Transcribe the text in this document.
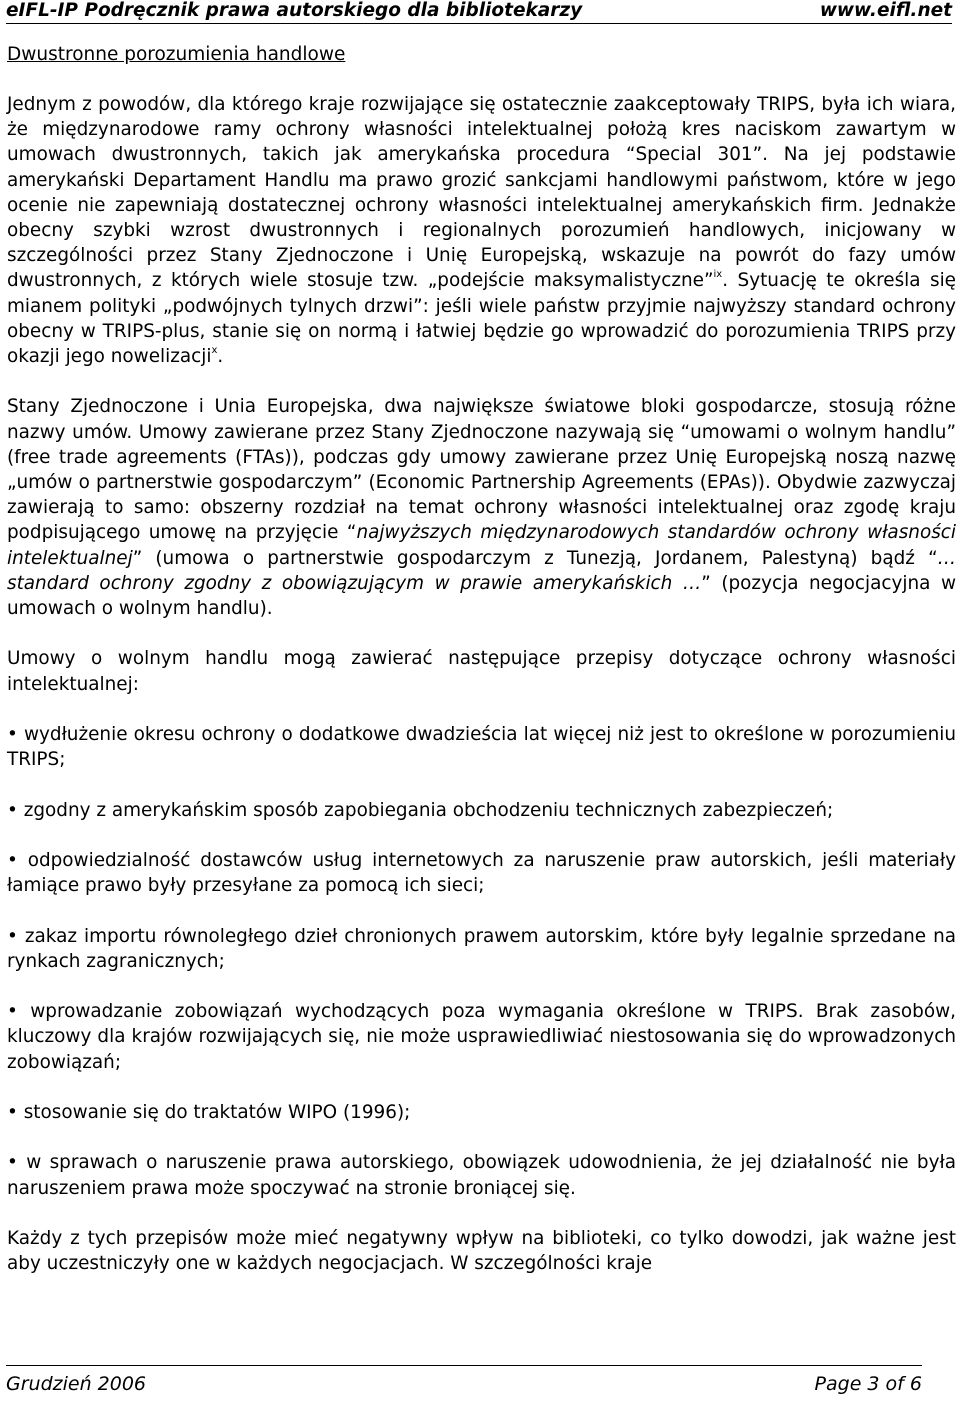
eIFL-IP Podręcznik prawa autorskiego dla bibliotekarzy	www.eifl.net
Dwustronne porozumienia handlowe

Jednym z powodów, dla którego kraje rozwijające się ostatecznie zaakceptowały TRIPS, była ich wiara, że międzynarodowe ramy ochrony własności intelektualnej położą kres naciskom zawartym w umowach dwustronnych, takich jak amerykańska procedura “Special 301”. Na jej podstawie amerykański Departament Handlu ma prawo grozić sankcjami handlowymi państwom, które w jego ocenie nie zapewniają dostatecznej ochrony własności intelektualnej amerykańskich firm. Jednakże obecny szybki wzrost dwustronnych i regionalnych porozumień handlowych, inicjowany w szczególności przez Stany Zjednoczone i Unię Europejską, wskazuje na powrót do fazy umów dwustronnych, z których wiele stosuje tzw. „podejście maksymalistyczne”$^{ix}$. Sytuację te określa się mianem polityki „podwójnych tylnych drzwi”: jeśli wiele państw przyjmie najwyższy standard ochrony obecny w TRIPS-plus, stanie się on normą i łatwiej będzie go wprowadzić do porozumienia TRIPS przy okazji jego nowelizacji$^x$.

Stany Zjednoczone i Unia Europejska, dwa największe światowe bloki gospodarcze, stosują różne nazwy umów. Umowy zawierane przez Stany Zjednoczone nazywają się “umowami o wolnym handlu” (free trade agreements (FTAs)), podczas gdy umowy zawierane przez Unię Europejską noszą nazwę „umów o partnerstwie gospodarczym” (Economic Partnership Agreements (EPAs)). Obydwie zazwyczaj zawierają to samo: obszerny rozdział na temat ochrony własności intelektualnej oraz zgodę kraju podpisującego umowę na przyjęcie “najwyższych międzynarodowych standardów ochrony własności intelektualnej” (umowa o partnerstwie gospodarczym z Tunezją, Jordanem, Palestyną) bądź “…standard ochrony zgodny z obowiązującym w prawie amerykańskich …” (pozycja negocjacyjna w umowach o wolnym handlu).

Umowy o wolnym handlu mogą zawierać następujące przepisy dotyczące ochrony własności intelektualnej:

• wydłużenie okresu ochrony o dodatkowe dwadzieścia lat więcej niż jest to określone w porozumieniu TRIPS;

• zgodny z amerykańskim sposób zapobiegania obchodzeniu technicznych zabezpieczeń;

• odpowiedzialność dostawców usług internetowych za naruszenie praw autorskich, jeśli materiały łamiące prawo były przesyłane za pomocą ich sieci;

• zakaz importu równoległego dzieł chronionych prawem autorskim, które były legalnie sprzedane na rynkach zagranicznych;

• wprowadzanie zobowiązań wychodzących poza wymagania określone w TRIPS. Brak zasobów, kluczowy dla krajów rozwijających się, nie może usprawiedliwiać niestosowania się do wprowadzonych zobowiązań;

• stosowanie się do traktatów WIPO (1996);

• w sprawach o naruszenie prawa autorskiego, obowiązek udowodnienia, że jej działalność nie była naruszeniem prawa może spoczywać na stronie broniącej się.

Każdy z tych przepisów może mieć negatywny wpływ na biblioteki, co tylko dowodzi, jak ważne jest aby uczestniczyły one w każdych negocjacjach. W szczególności kraje

Grudzień 2006	Page 3 of 6
